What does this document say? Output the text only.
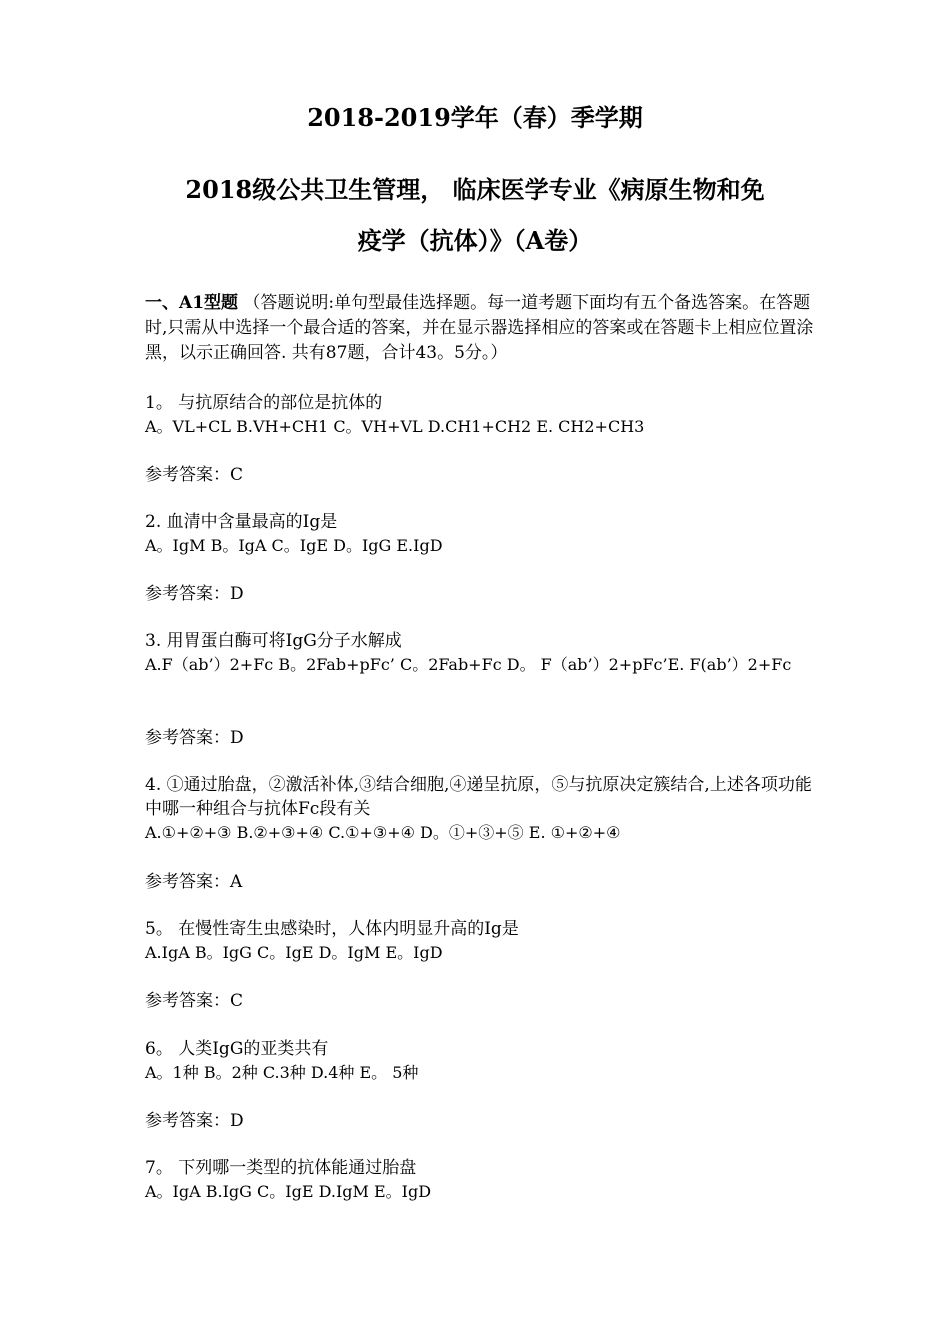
2018-2019学年（春）季学期
2018级公共卫生管理， 临床医学专业《病原生物和免
疫学（抗体）》（A卷）

一、A1型题 （答题说明:单句型最佳选择题。每一道考题下面均有五个备选答案。在答题时,只需从中选择一个最合适的答案，并在显示器选择相应的答案或在答题卡上相应位置涂黑，以示正确回答. 共有87题，合计43。5分。）

1。 与抗原结合的部位是抗体的

A。VL+CL B.VH+CH1 C。VH+VL D.CH1+CH2 E. CH2+CH3

参考答案：C

2. 血清中含量最高的Ig是

A。IgM B。IgA C。IgE D。IgG E.IgD

参考答案：D

3. 用胃蛋白酶可将IgG分子水解成

A.F（ab’）2+Fc B。2Fab+pFc’ C。2Fab+Fc D。 F（ab’）2+pFc’E. F(ab’）2+Fc

参考答案：D

4. ①通过胎盘，②激活补体,③结合细胞,④递呈抗原，⑤与抗原决定簇结合,上述各项功能中哪一种组合与抗体Fc段有关

A.①+②+③ B.②+③+④ C.①+③+④ D。①+③+⑤ E. ①+②+④

参考答案：A

5。 在慢性寄生虫感染时，人体内明显升高的Ig是

A.IgA B。IgG C。IgE D。IgM E。IgD

参考答案：C

6。 人类IgG的亚类共有

A。1种 B。2种 C.3种 D.4种 E。 5种

参考答案：D

7。 下列哪一类型的抗体能通过胎盘

A。IgA B.IgG C。IgE D.IgM E。IgD
